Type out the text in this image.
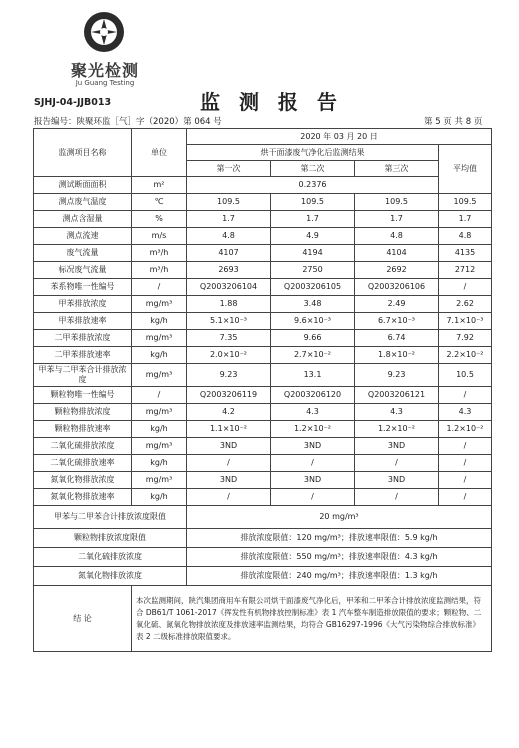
聚光检测
Ju Guang Testing
SJHJ-04-JJB013	监 测 报 告
报告编号：陕聚环监［气］字（2020）第 064 号	第 5 页 共 8 页
监测项目名称	单位	2020 年 03 月 20 日			
		烘干面漆废气净化后监测结果			平均值
		第一次	第二次	第三次	
测试断面面积	m²	0.2376			
测点废气温度	℃	109.5	109.5	109.5	109.5
测点含湿量	%	1.7	1.7	1.7	1.7
测点流速	m/s	4.8	4.9	4.8	4.8
废气流量	m³/h	4107	4194	4104	4135
标况废气流量	m³/h	2693	2750	2692	2712
苯系物唯一性编号	/	Q2003206104	Q2003206105	Q2003206106	/
甲苯排放浓度	mg/m³	1.88	3.48	2.49	2.62
甲苯排放速率	kg/h	5.1×10⁻³	9.6×10⁻³	6.7×10⁻³	7.1×10⁻³
二甲苯排放浓度	mg/m³	7.35	9.66	6.74	7.92
二甲苯排放速率	kg/h	2.0×10⁻²	2.7×10⁻²	1.8×10⁻²	2.2×10⁻²
甲苯与二甲苯合计排放浓度	mg/m³	9.23	13.1	9.23	10.5
颗粒物唯一性编号	/	Q2003206119	Q2003206120	Q2003206121	/
颗粒物排放浓度	mg/m³	4.2	4.3	4.3	4.3
颗粒物排放速率	kg/h	1.1×10⁻²	1.2×10⁻²	1.2×10⁻²	1.2×10⁻²
二氧化硫排放浓度	mg/m³	3ND	3ND	3ND	/
二氧化硫排放速率	kg/h	/	/	/	/
氮氧化物排放浓度	mg/m³	3ND	3ND	3ND	/
氮氧化物排放速率	kg/h	/	/	/	/
甲苯与二甲苯合计排放浓度限值		20 mg/m³			
颗粒物排放浓度限值		排放浓度限值：120 mg/m³；排放速率限值：5.9 kg/h			
二氧化硫排放浓度		排放浓度限值：550 mg/m³；排放速率限值：4.3 kg/h			
氮氧化物排放浓度		排放浓度限值：240 mg/m³；排放速率限值：1.3 kg/h			
结 论	本次监测期间，陕汽集团商用车有限公司烘干面漆废气净化后，甲苯和二甲苯合计排放浓度监测结果，符合 DB61/T 1061-2017《挥发性有机物排放控制标准》表 1 汽车整车制造排放限值的要求；颗粒物、二氧化硫、氮氧化物排放浓度及排放速率监测结果，均符合 GB16297-1996《大气污染物综合排放标准》表 2 二级标准排放限值要求。				
